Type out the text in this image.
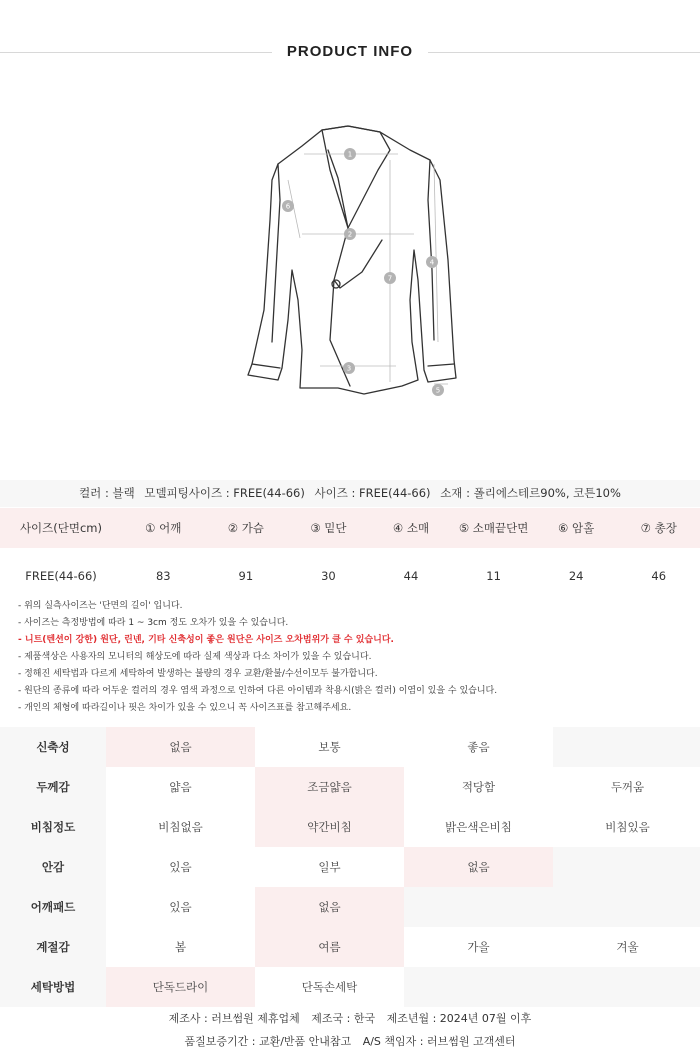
PRODUCT INFO
1
2
3
4
5
6
7
컬러 : 블랙 모델피팅사이즈 : FREE(44-66) 사이즈 : FREE(44-66) 소재 : 폴리에스테르90%, 코튼10%
사이즈(단면cm)	① 어깨	② 가슴	③ 밑단	④ 소매	⑤ 소매끝단면	⑥ 암홀	⑦ 총장
FREE(44-66)	83	91	30	44	11	24	46
- 위의 실측사이즈는 '단면의 길이' 입니다.
- 사이즈는 측정방법에 따라 1 ~ 3cm 정도 오차가 있을 수 있습니다.
- 니트(텐션이 강한) 원단, 린넨, 기타 신축성이 좋은 원단은 사이즈 오차범위가 클 수 있습니다.
- 제품색상은 사용자의 모니터의 해상도에 따라 실제 색상과 다소 차이가 있을 수 있습니다.
- 정해진 세탁법과 다르게 세탁하여 발생하는 불량의 경우 교환/환불/수선이모두 불가합니다.
- 원단의 종류에 따라 어두운 컬러의 경우 염색 과정으로 인하여 다른 아이템과 착용시(밝은 컬러) 이염이 있을 수 있습니다.
- 개인의 체형에 따라길이나 핏은 차이가 있을 수 있으니 꼭 사이즈표를 참고해주세요.
신축성	없음	보통	좋음
두께감	얇음	조금얇음	적당함	두꺼움
비침정도	비침없음	약간비침	밝은색은비침	비침있음
안감	있음	일부	없음
어깨패드	있음	없음
계절감	봄	여름	가을	겨울
세탁방법	단독드라이	단독손세탁
제조사 : 러브썸원 제휴업체 제조국 : 한국 제조년월 : 2024년 07월 이후
품질보증기간 : 교환/반품 안내참고 A/S 책임자 : 러브썸원 고객센터
